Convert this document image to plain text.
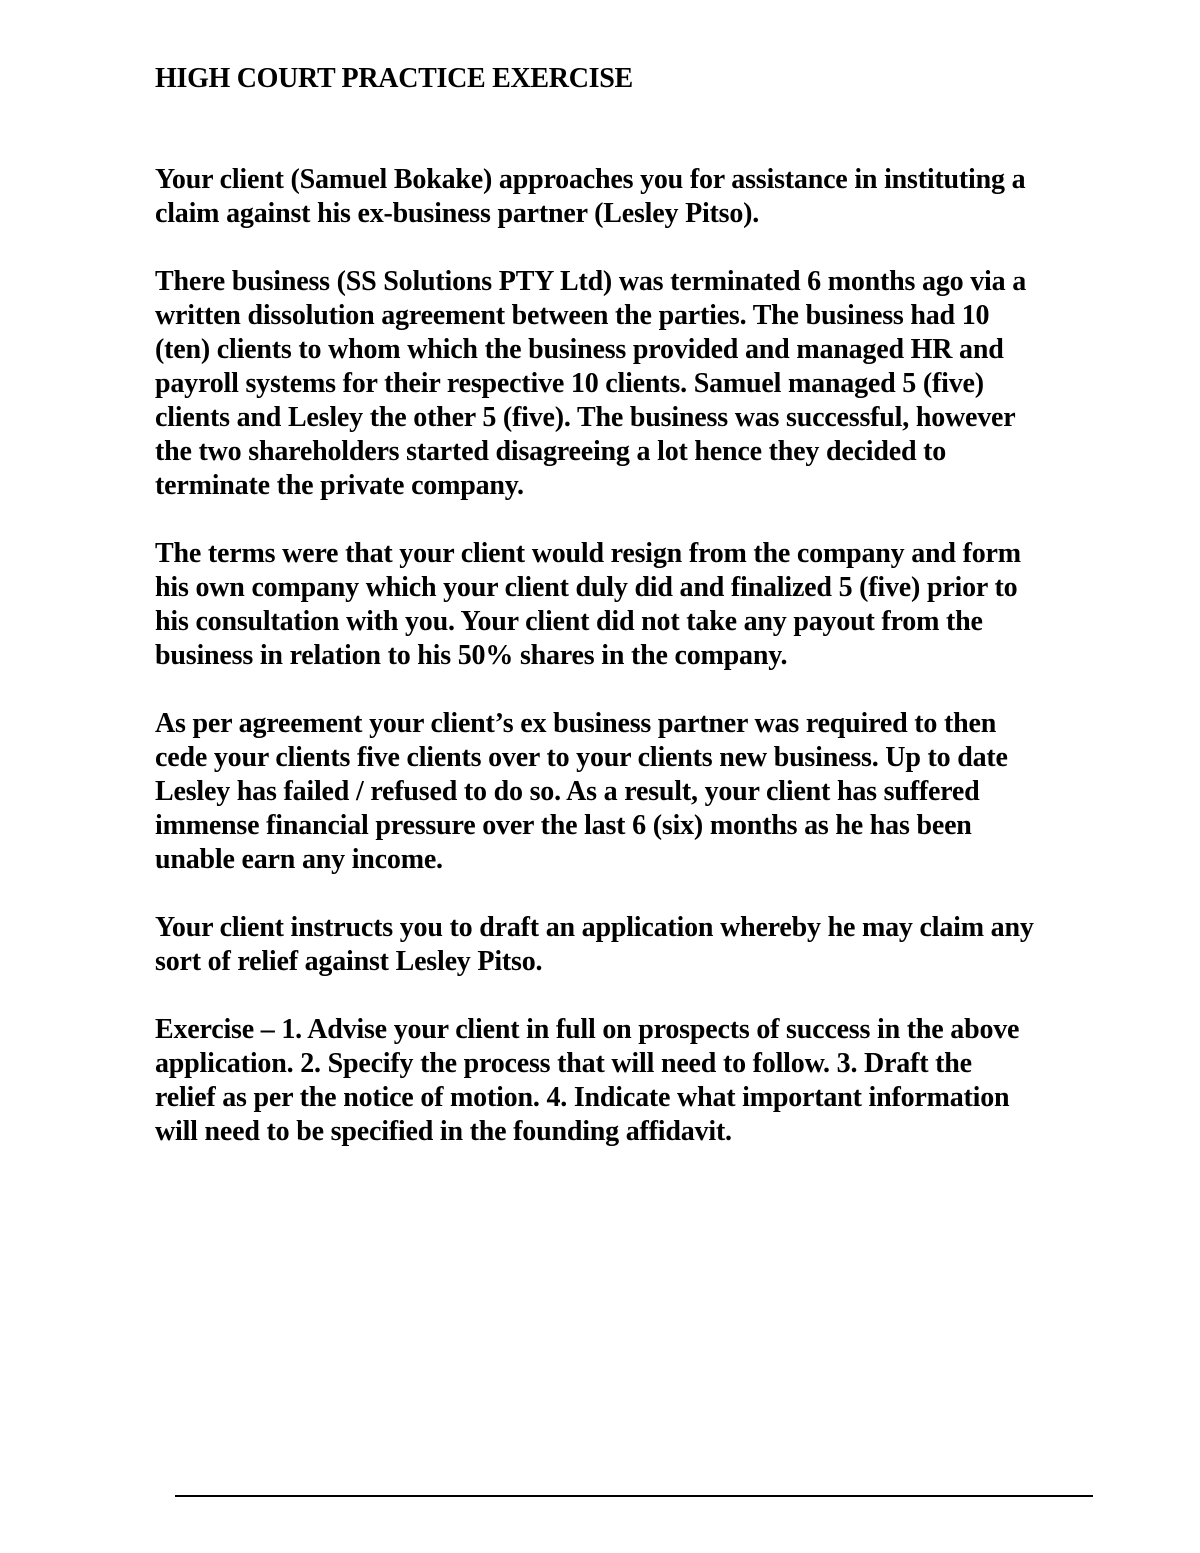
HIGH COURT PRACTICE EXERCISE

Your client (Samuel Bokake) approaches you for assistance in instituting a
claim against his ex-business partner (Lesley Pitso).

There business (SS Solutions PTY Ltd) was terminated 6 months ago via a
written dissolution agreement between the parties. The business had 10
(ten) clients to whom which the business provided and managed HR and
payroll systems for their respective 10 clients. Samuel managed 5 (five)
clients and Lesley the other 5 (five). The business was successful, however
the two shareholders started disagreeing a lot hence they decided to
terminate the private company.

The terms were that your client would resign from the company and form
his own company which your client duly did and finalized 5 (five) prior to
his consultation with you. Your client did not take any payout from the
business in relation to his 50% shares in the company.

As per agreement your client’s ex business partner was required to then
cede your clients five clients over to your clients new business. Up to date
Lesley has failed / refused to do so. As a result, your client has suffered
immense financial pressure over the last 6 (six) months as he has been
unable earn any income.

Your client instructs you to draft an application whereby he may claim any
sort of relief against Lesley Pitso.

Exercise – 1. Advise your client in full on prospects of success in the above
application. 2. Specify the process that will need to follow. 3. Draft the
relief as per the notice of motion. 4. Indicate what important information
will need to be specified in the founding affidavit.
